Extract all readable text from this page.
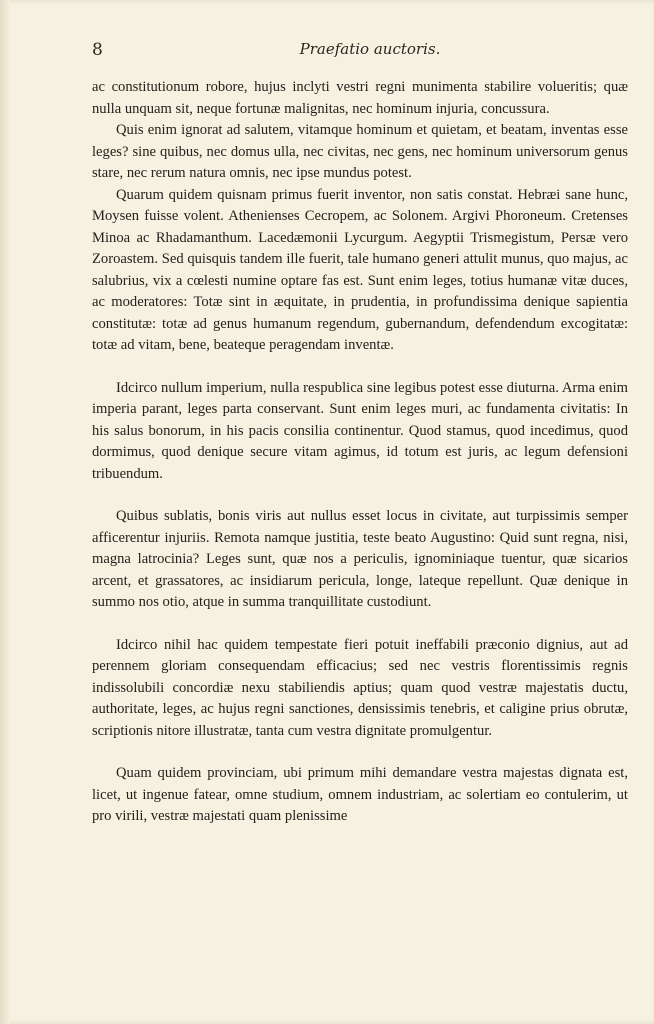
8	Praefatio auctoris.

ac constitutionum robore, hujus inclyti vestri regni munimenta stabilire volueritis; quæ nulla unquam sit, neque fortunæ malignitas, nec hominum injuria, concussura.

Quis enim ignorat ad salutem, vitamque hominum et quietam, et beatam, inventas esse leges? sine quibus, nec domus ulla, nec civitas, nec gens, nec hominum universorum genus stare, nec rerum natura omnis, nec ipse mundus potest.

Quarum quidem quisnam primus fuerit inventor, non satis constat. Hebræi sane hunc, Moysen fuisse volent. Athenienses Cecropem, ac Solonem. Argivi Phoroneum. Cretenses Minoa ac Rhadamanthum. Lacedæmonii Lycurgum. Aegyptii Trismegistum, Persæ vero Zoroastem. Sed quisquis tandem ille fuerit, tale humano generi attulit munus, quo majus, ac salubrius, vix a cœlesti numine optare fas est. Sunt enim leges, totius humanæ vitæ duces, ac moderatores: Totæ sint in æquitate, in prudentia, in profundissima denique sapientia constitutæ: totæ ad genus humanum regendum, gubernandum, defendendum excogitatæ: totæ ad vitam, bene, beateque peragendam inventæ.

Idcirco nullum imperium, nulla respublica sine legibus potest esse diuturna. Arma enim imperia parant, leges parta conservant. Sunt enim leges muri, ac fundamenta civitatis: In his salus bonorum, in his pacis consilia continentur. Quod stamus, quod incedimus, quod dormimus, quod denique secure vitam agimus, id totum est juris, ac legum defensioni tribuendum.

Quibus sublatis, bonis viris aut nullus esset locus in civitate, aut turpissimis semper afficerentur injuriis. Remota namque justitia, teste beato Augustino: Quid sunt regna, nisi, magna latrocinia? Leges sunt, quæ nos a periculis, ignominiaque tuentur, quæ sicarios arcent, et grassatores, ac insidiarum pericula, longe, lateque repellunt. Quæ denique in summo nos otio, atque in summa tranquillitate custodiunt.

Idcirco nihil hac quidem tempestate fieri potuit ineffabili præconio dignius, aut ad perennem gloriam consequendam efficacius; sed nec vestris florentissimis regnis indissolubili concordiæ nexu stabiliendis aptius; quam quod vestræ majestatis ductu, authoritate, leges, ac hujus regni sanctiones, densissimis tenebris, et caligine prius obrutæ, scriptionis nitore illustratæ, tanta cum vestra dignitate promulgentur.

Quam quidem provinciam, ubi primum mihi demandare vestra majestas dignata est, licet, ut ingenue fatear, omne studium, omnem industriam, ac solertiam eo contulerim, ut pro virili, vestræ majestati quam plenissime
